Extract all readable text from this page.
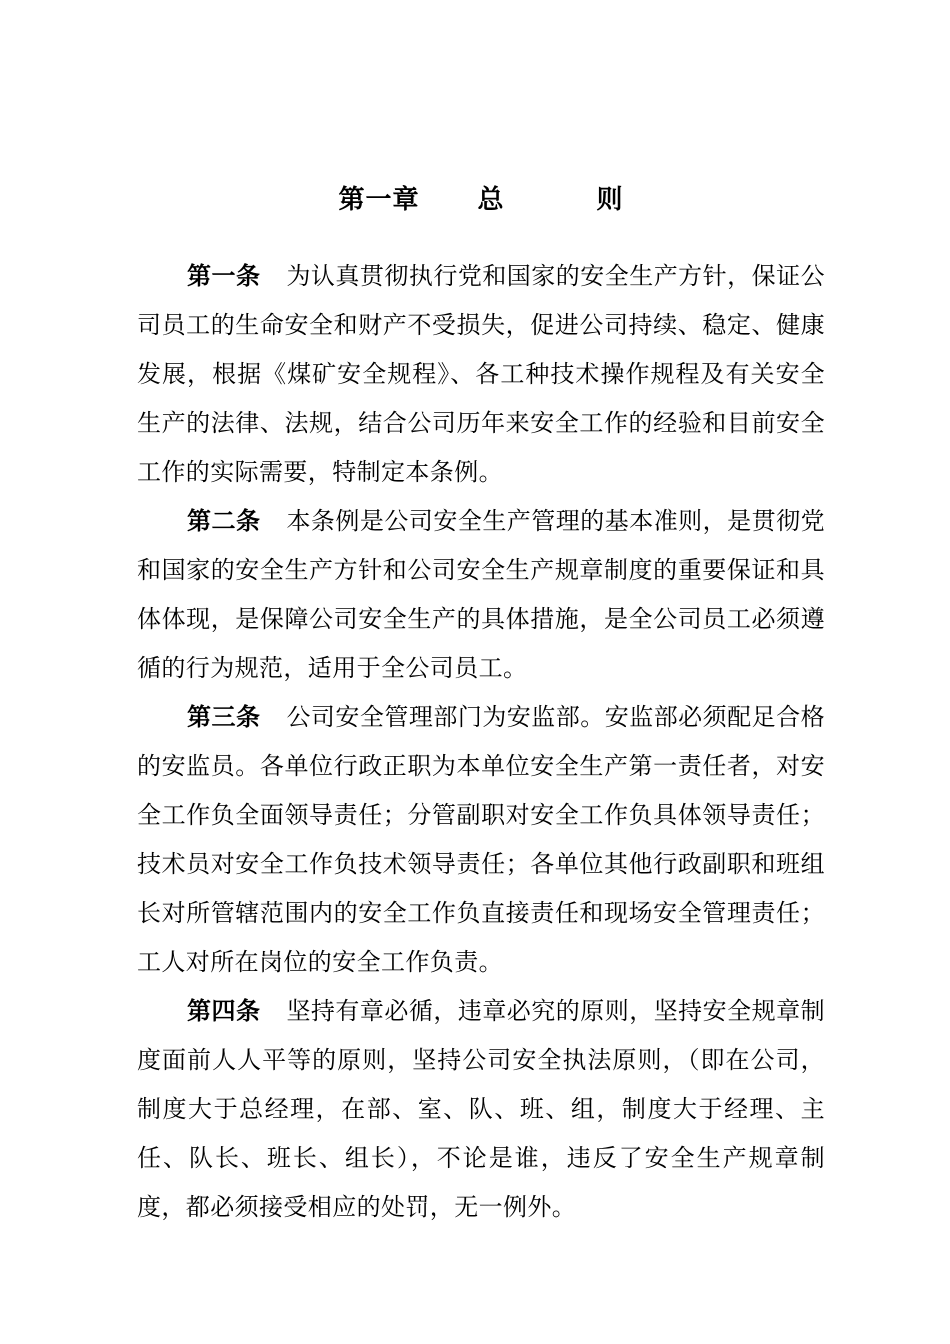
第一章 总	则

第一条 为认真贯彻执行党和国家的安全生产方针，保证公司员工的生命安全和财产不受损失，促进公司持续、稳定、健康发展，根据《煤矿安全规程》、各工种技术操作规程及有关安全生产的法律、法规，结合公司历年来安全工作的经验和目前安全工作的实际需要，特制定本条例。

第二条 本条例是公司安全生产管理的基本准则，是贯彻党和国家的安全生产方针和公司安全生产规章制度的重要保证和具体体现，是保障公司安全生产的具体措施，是全公司员工必须遵循的行为规范，适用于全公司员工。

第三条 公司安全管理部门为安监部。安监部必须配足合格的安监员。各单位行政正职为本单位安全生产第一责任者，对安全工作负全面领导责任；分管副职对安全工作负具体领导责任；技术员对安全工作负技术领导责任；各单位其他行政副职和班组长对所管辖范围内的安全工作负直接责任和现场安全管理责任；工人对所在岗位的安全工作负责。

第四条 坚持有章必循，违章必究的原则，坚持安全规章制度面前人人平等的原则，坚持公司安全执法原则，（即在公司，制度大于总经理，在部、室、队、班、组，制度大于经理、主任、队长、班长、组长），不论是谁，违反了安全生产规章制度，都必须接受相应的处罚，无一例外。
